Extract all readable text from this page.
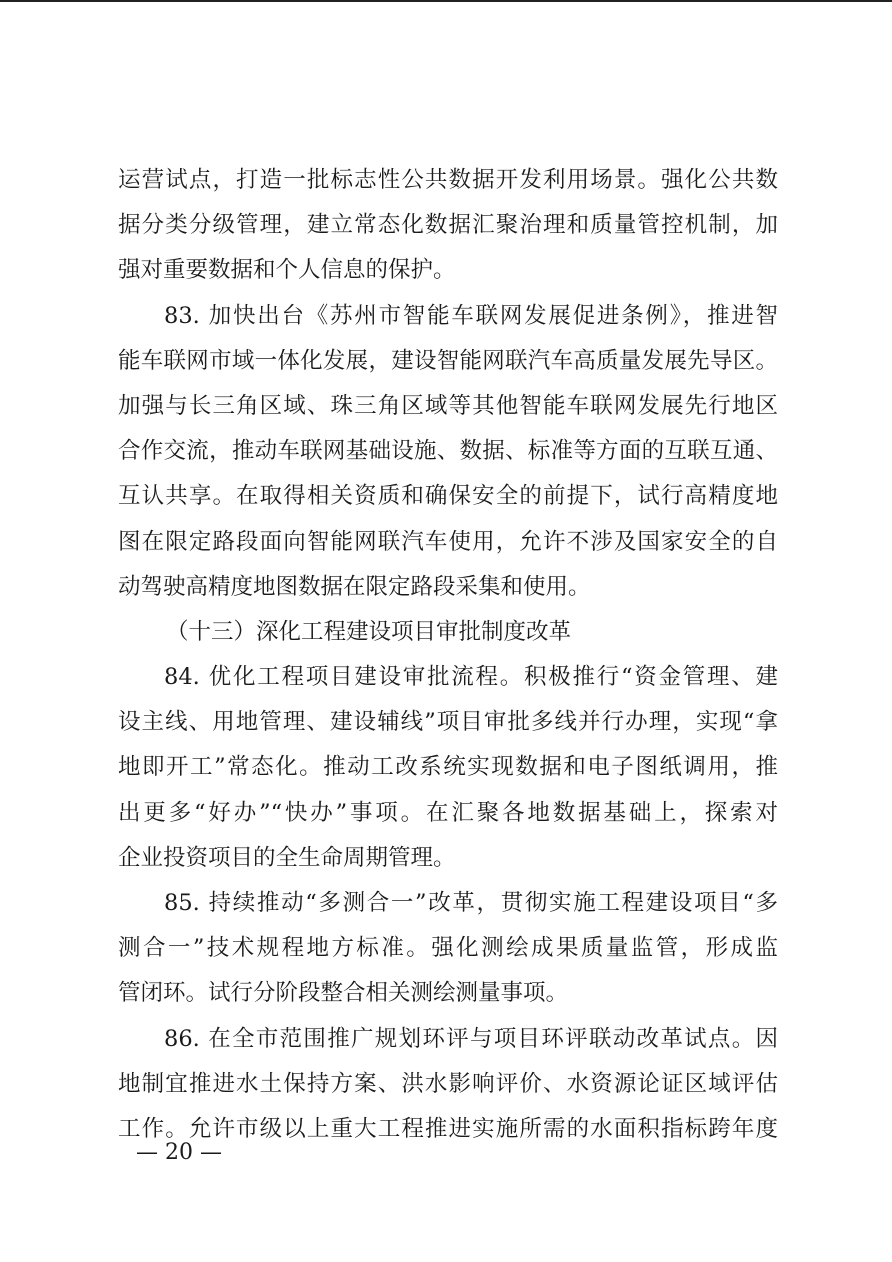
运营试点，打造一批标志性公共数据开发利用场景。强化公共数
据分类分级管理，建立常态化数据汇聚治理和质量管控机制，加
强对重要数据和个人信息的保护。
83. 加快出台《苏州市智能车联网发展促进条例》，推进智
能车联网市域一体化发展，建设智能网联汽车高质量发展先导区。
加强与长三角区域、珠三角区域等其他智能车联网发展先行地区
合作交流，推动车联网基础设施、数据、标准等方面的互联互通、
互认共享。在取得相关资质和确保安全的前提下，试行高精度地
图在限定路段面向智能网联汽车使用，允许不涉及国家安全的自
动驾驶高精度地图数据在限定路段采集和使用。
（十三）深化工程建设项目审批制度改革
84. 优化工程项目建设审批流程。积极推行“资金管理、建
设主线、用地管理、建设辅线”项目审批多线并行办理，实现“拿
地即开工”常态化。推动工改系统实现数据和电子图纸调用，推
出更多“好办”“快办”事项。在汇聚各地数据基础上，探索对
企业投资项目的全生命周期管理。
85. 持续推动“多测合一”改革，贯彻实施工程建设项目“多
测合一”技术规程地方标准。强化测绘成果质量监管，形成监
管闭环。试行分阶段整合相关测绘测量事项。
86. 在全市范围推广规划环评与项目环评联动改革试点。因
地制宜推进水土保持方案、洪水影响评价、水资源论证区域评估
工作。允许市级以上重大工程推进实施所需的水面积指标跨年度
— 20 —
